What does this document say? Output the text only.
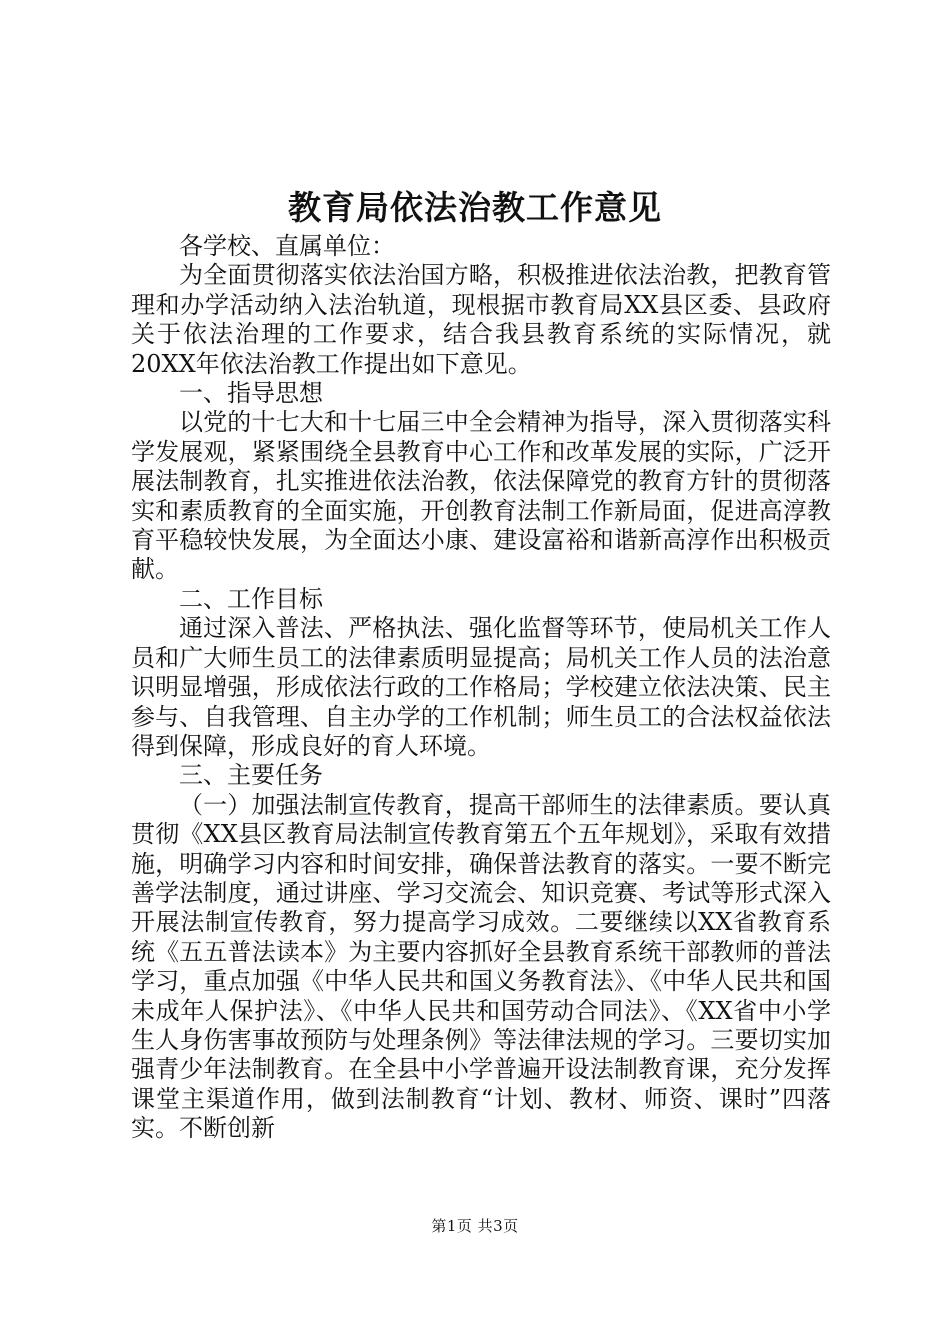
教育局依法治教工作意见

各学校、直属单位：

为全面贯彻落实依法治国方略，积极推进依法治教，把教育管理和办学活动纳入法治轨道，现根据市教育局XX县区委、县政府关于依法治理的工作要求，结合我县教育系统的实际情况，就20XX年依法治教工作提出如下意见。

一、指导思想

以党的十七大和十七届三中全会精神为指导，深入贯彻落实科学发展观，紧紧围绕全县教育中心工作和改革发展的实际，广泛开展法制教育，扎实推进依法治教，依法保障党的教育方针的贯彻落实和素质教育的全面实施，开创教育法制工作新局面，促进高淳教育平稳较快发展，为全面达小康、建设富裕和谐新高淳作出积极贡献。

二、工作目标

通过深入普法、严格执法、强化监督等环节，使局机关工作人员和广大师生员工的法律素质明显提高；局机关工作人员的法治意识明显增强，形成依法行政的工作格局；学校建立依法决策、民主参与、自我管理、自主办学的工作机制；师生员工的合法权益依法得到保障，形成良好的育人环境。

三、主要任务

（一）加强法制宣传教育，提高干部师生的法律素质。要认真贯彻《XX县区教育局法制宣传教育第五个五年规划》，采取有效措施，明确学习内容和时间安排，确保普法教育的落实。一要不断完善学法制度，通过讲座、学习交流会、知识竞赛、考试等形式深入开展法制宣传教育，努力提高学习成效。二要继续以XX省教育系统《五五普法读本》为主要内容抓好全县教育系统干部教师的普法学习，重点加强《中华人民共和国义务教育法》、《中华人民共和国未成年人保护法》、《中华人民共和国劳动合同法》、《XX省中小学生人身伤害事故预防与处理条例》等法律法规的学习。三要切实加强青少年法制教育。在全县中小学普遍开设法制教育课，充分发挥课堂主渠道作用，做到法制教育“计划、教材、师资、课时”四落实。不断创新

第1页 共3页
